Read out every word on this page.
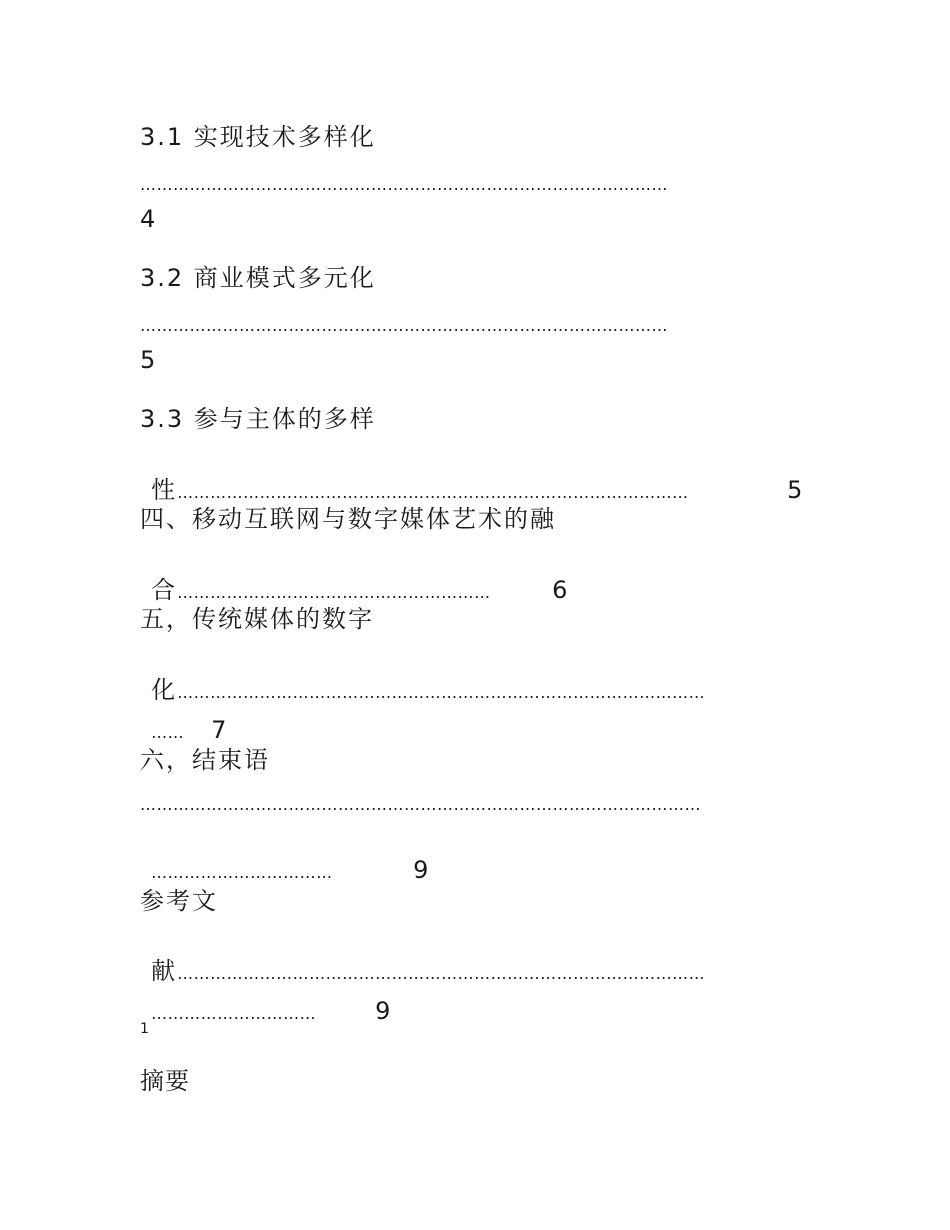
3.1 实现技术多样化
……………………………………………………………………………………
4
3.2 商业模式多元化
……………………………………………………………………………………
5
3.3 参与主体的多样

性…………………………………………………………………………………	5

四、移动互联网与数字媒体艺术的融

合…………………………………………………	6

五，传统媒体的数字

化……………………………………………………………………………………

…… 7

六，结束语
…………………………………………………………………………………………

……………………………	9

参考文

献……………………………………………………………………………………

………………………… 9

1
摘要
